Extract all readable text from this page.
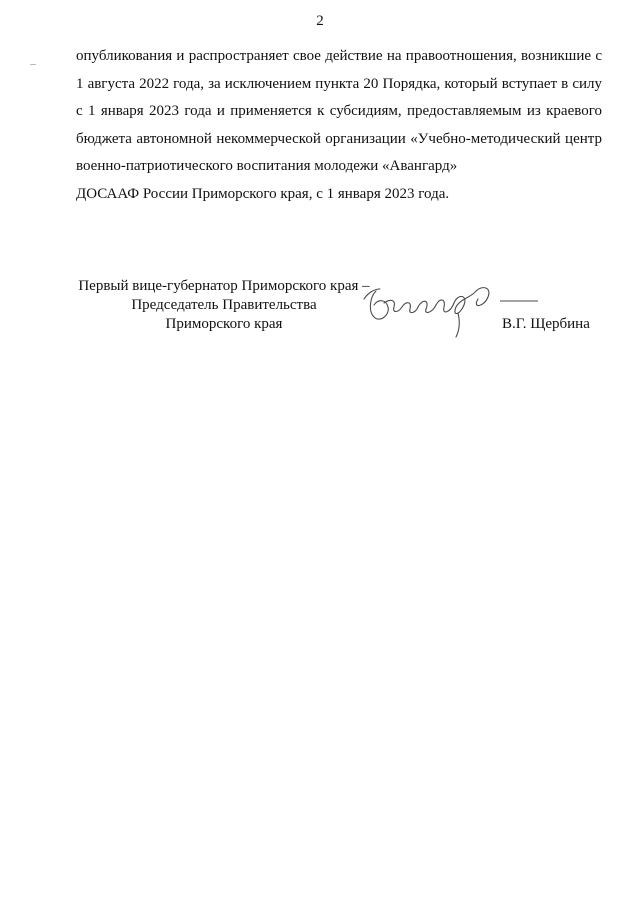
2

опубликования и распространяет свое действие на правоотношения, возникшие с 1 августа 2022 года, за исключением пункта 20 Порядка, который вступает в силу с 1 января 2023 года и применяется к субсидиям, предоставляемым из краевого бюджета автономной некоммерческой организации «Учебно-методический центр военно-патриотического воспитания молодежи «Авангард»
ДОСААФ России Приморского края, с 1 января 2023 года.

Первый вице-губернатор Приморского края –
Председатель Правительства
Приморского края	В.Г. Щербина
